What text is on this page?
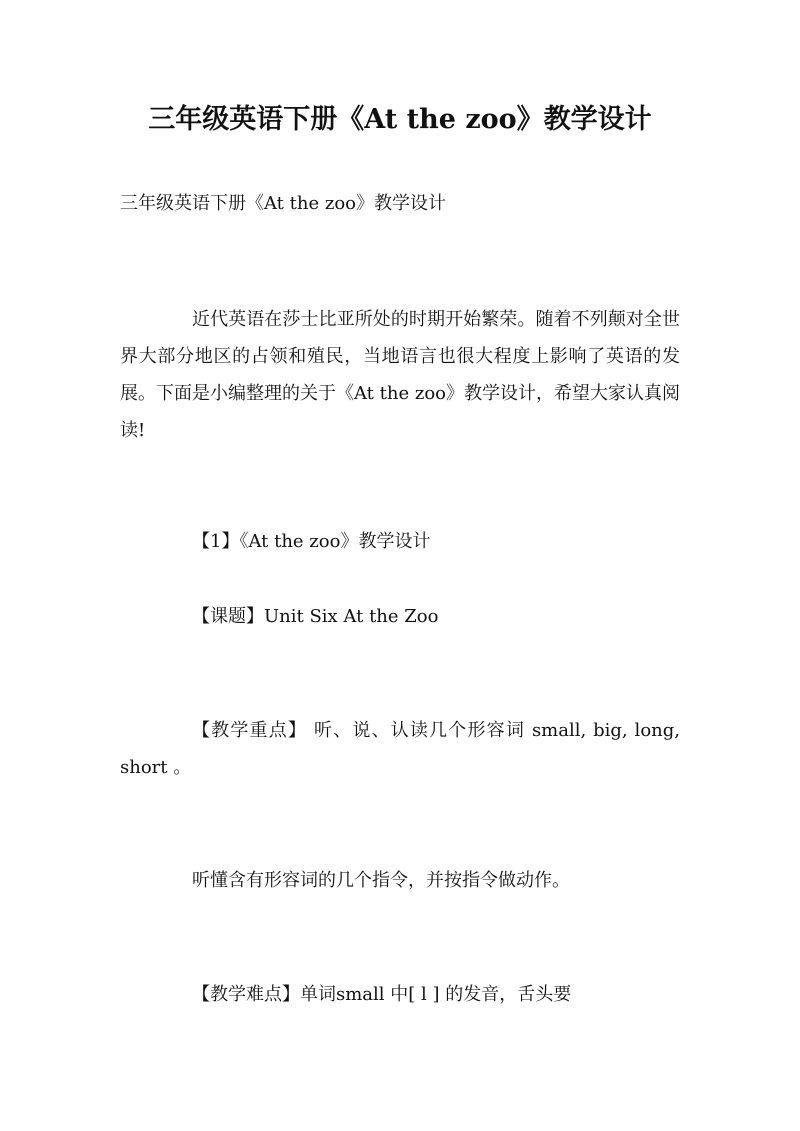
三年级英语下册《At the zoo》教学设计
三年级英语下册《At the zoo》教学设计
近代英语在莎士比亚所处的时期开始繁荣。随着不列颠对全世界大部分地区的占领和殖民，当地语言也很大程度上影响了英语的发展。下面是小编整理的关于《At the zoo》教学设计，希望大家认真阅读!
【1】《At the zoo》教学设计
【课题】Unit Six At the Zoo
【教学重点】 听、说、认读几个形容词 small, big, long, short 。
听懂含有形容词的几个指令，并按指令做动作。
【教学难点】单词small 中[ l ] 的发音，舌头要
